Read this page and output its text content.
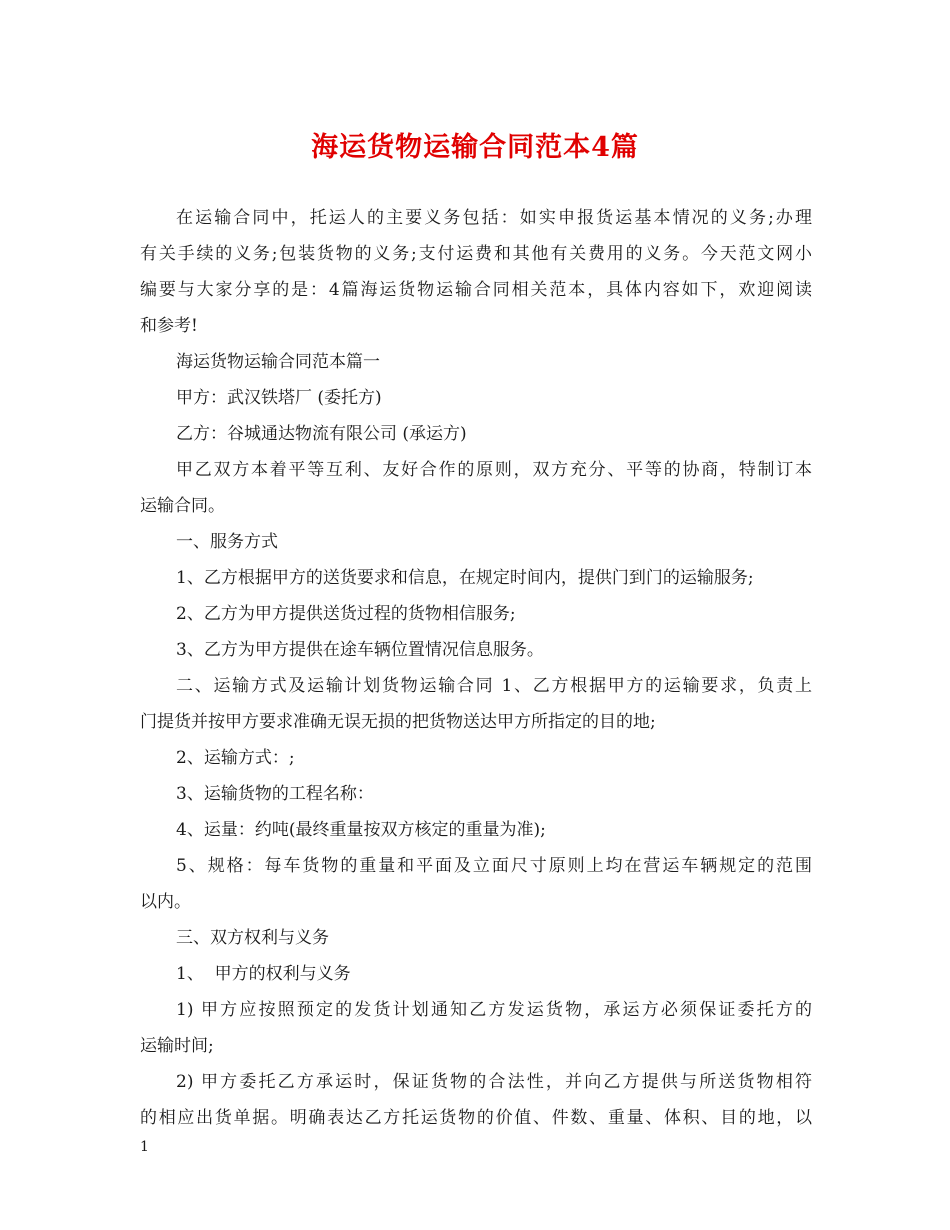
海运货物运输合同范本4篇
在运输合同中，托运人的主要义务包括：如实申报货运基本情况的义务;办理
有关手续的义务;包装货物的义务;支付运费和其他有关费用的义务。今天范文网小
编要与大家分享的是：4篇海运货物运输合同相关范本，具体内容如下，欢迎阅读
和参考!
海运货物运输合同范本篇一
甲方：武汉铁塔厂 (委托方)
乙方：谷城通达物流有限公司 (承运方)
甲乙双方本着平等互利、友好合作的原则，双方充分、平等的协商，特制订本
运输合同。
一、服务方式
1、乙方根据甲方的送货要求和信息，在规定时间内，提供门到门的运输服务;
2、乙方为甲方提供送货过程的货物相信服务;
3、乙方为甲方提供在途车辆位置情况信息服务。
二、运输方式及运输计划货物运输合同 1、乙方根据甲方的运输要求，负责上
门提货并按甲方要求准确无误无损的把货物送达甲方所指定的目的地;
2、运输方式：;
3、运输货物的工程名称：
4、运量：约吨(最终重量按双方核定的重量为准);
5、规格：每车货物的重量和平面及立面尺寸原则上均在营运车辆规定的范围
以内。
三、双方权利与义务
1、  甲方的权利与义务
1) 甲方应按照预定的发货计划通知乙方发运货物，承运方必须保证委托方的
运输时间;
2) 甲方委托乙方承运时，保证货物的合法性，并向乙方提供与所送货物相符
的相应出货单据。明确表达乙方托运货物的价值、件数、重量、体积、目的地，以
1
